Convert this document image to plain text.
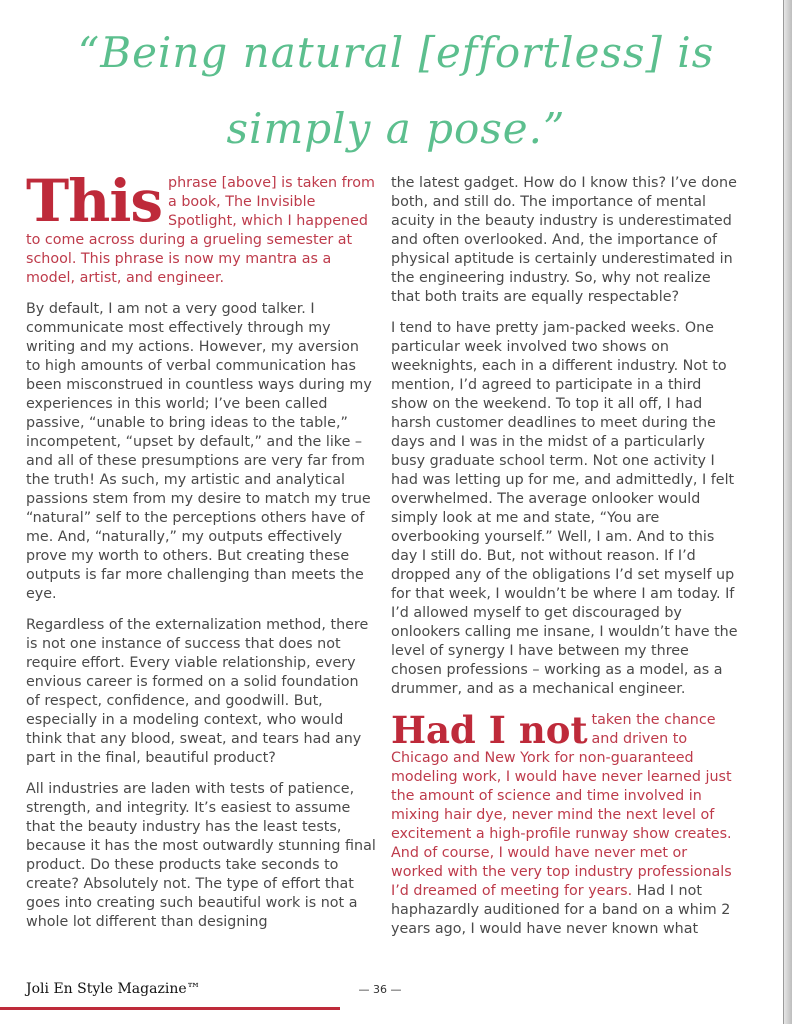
“Being natural [effortless] is
simply a pose.”

This phrase [above] is taken from a book, The Invisible Spotlight, which I happened to come across during a grueling semester at school. This phrase is now my mantra as a model, artist, and engineer.

By default, I am not a very good talker. I communicate most effectively through my writing and my actions. However, my aversion to high amounts of verbal communication has been misconstrued in countless ways during my experiences in this world; I’ve been called passive, “unable to bring ideas to the table,” incompetent, “upset by default,” and the like – and all of these presumptions are very far from the truth! As such, my artistic and analytical passions stem from my desire to match my true “natural” self to the perceptions others have of me. And, “naturally,” my outputs effectively prove my worth to others. But creating these outputs is far more challenging than meets the eye.

Regardless of the externalization method, there is not one instance of success that does not require effort. Every viable relationship, every envious career is formed on a solid foundation of respect, confidence, and goodwill. But, especially in a modeling context, who would think that any blood, sweat, and tears had any part in the final, beautiful product?

All industries are laden with tests of patience, strength, and integrity. It’s easiest to assume that the beauty industry has the least tests, because it has the most outwardly stunning final product. Do these products take seconds to create? Absolutely not. The type of effort that goes into creating such beautiful work is not a whole lot different than designing

the latest gadget. How do I know this? I’ve done both, and still do. The importance of mental acuity in the beauty industry is underestimated and often overlooked. And, the importance of physical aptitude is certainly underestimated in the engineering industry. So, why not realize that both traits are equally respectable?

I tend to have pretty jam-packed weeks. One particular week involved two shows on weeknights, each in a different industry. Not to mention, I’d agreed to participate in a third show on the weekend. To top it all off, I had harsh customer deadlines to meet during the days and I was in the midst of a particularly busy graduate school term. Not one activity I had was letting up for me, and admittedly, I felt overwhelmed. The average onlooker would simply look at me and state, “You are overbooking yourself.” Well, I am. And to this day I still do. But, not without reason. If I’d dropped any of the obligations I’d set myself up for that week, I wouldn’t be where I am today. If I’d allowed myself to get discouraged by onlookers calling me insane, I wouldn’t have the level of synergy I have between my three chosen professions – working as a model, as a drummer, and as a mechanical engineer.

Had I not taken the chance and driven to Chicago and New York for non-guaranteed modeling work, I would have never learned just the amount of science and time involved in mixing hair dye, never mind the next level of excitement a high-profile runway show creates. And of course, I would have never met or worked with the very top industry professionals I’d dreamed of meeting for years. Had I not haphazardly auditioned for a band on a whim 2 years ago, I would have never known what

Joli En Style Magazine™	— 36 —
